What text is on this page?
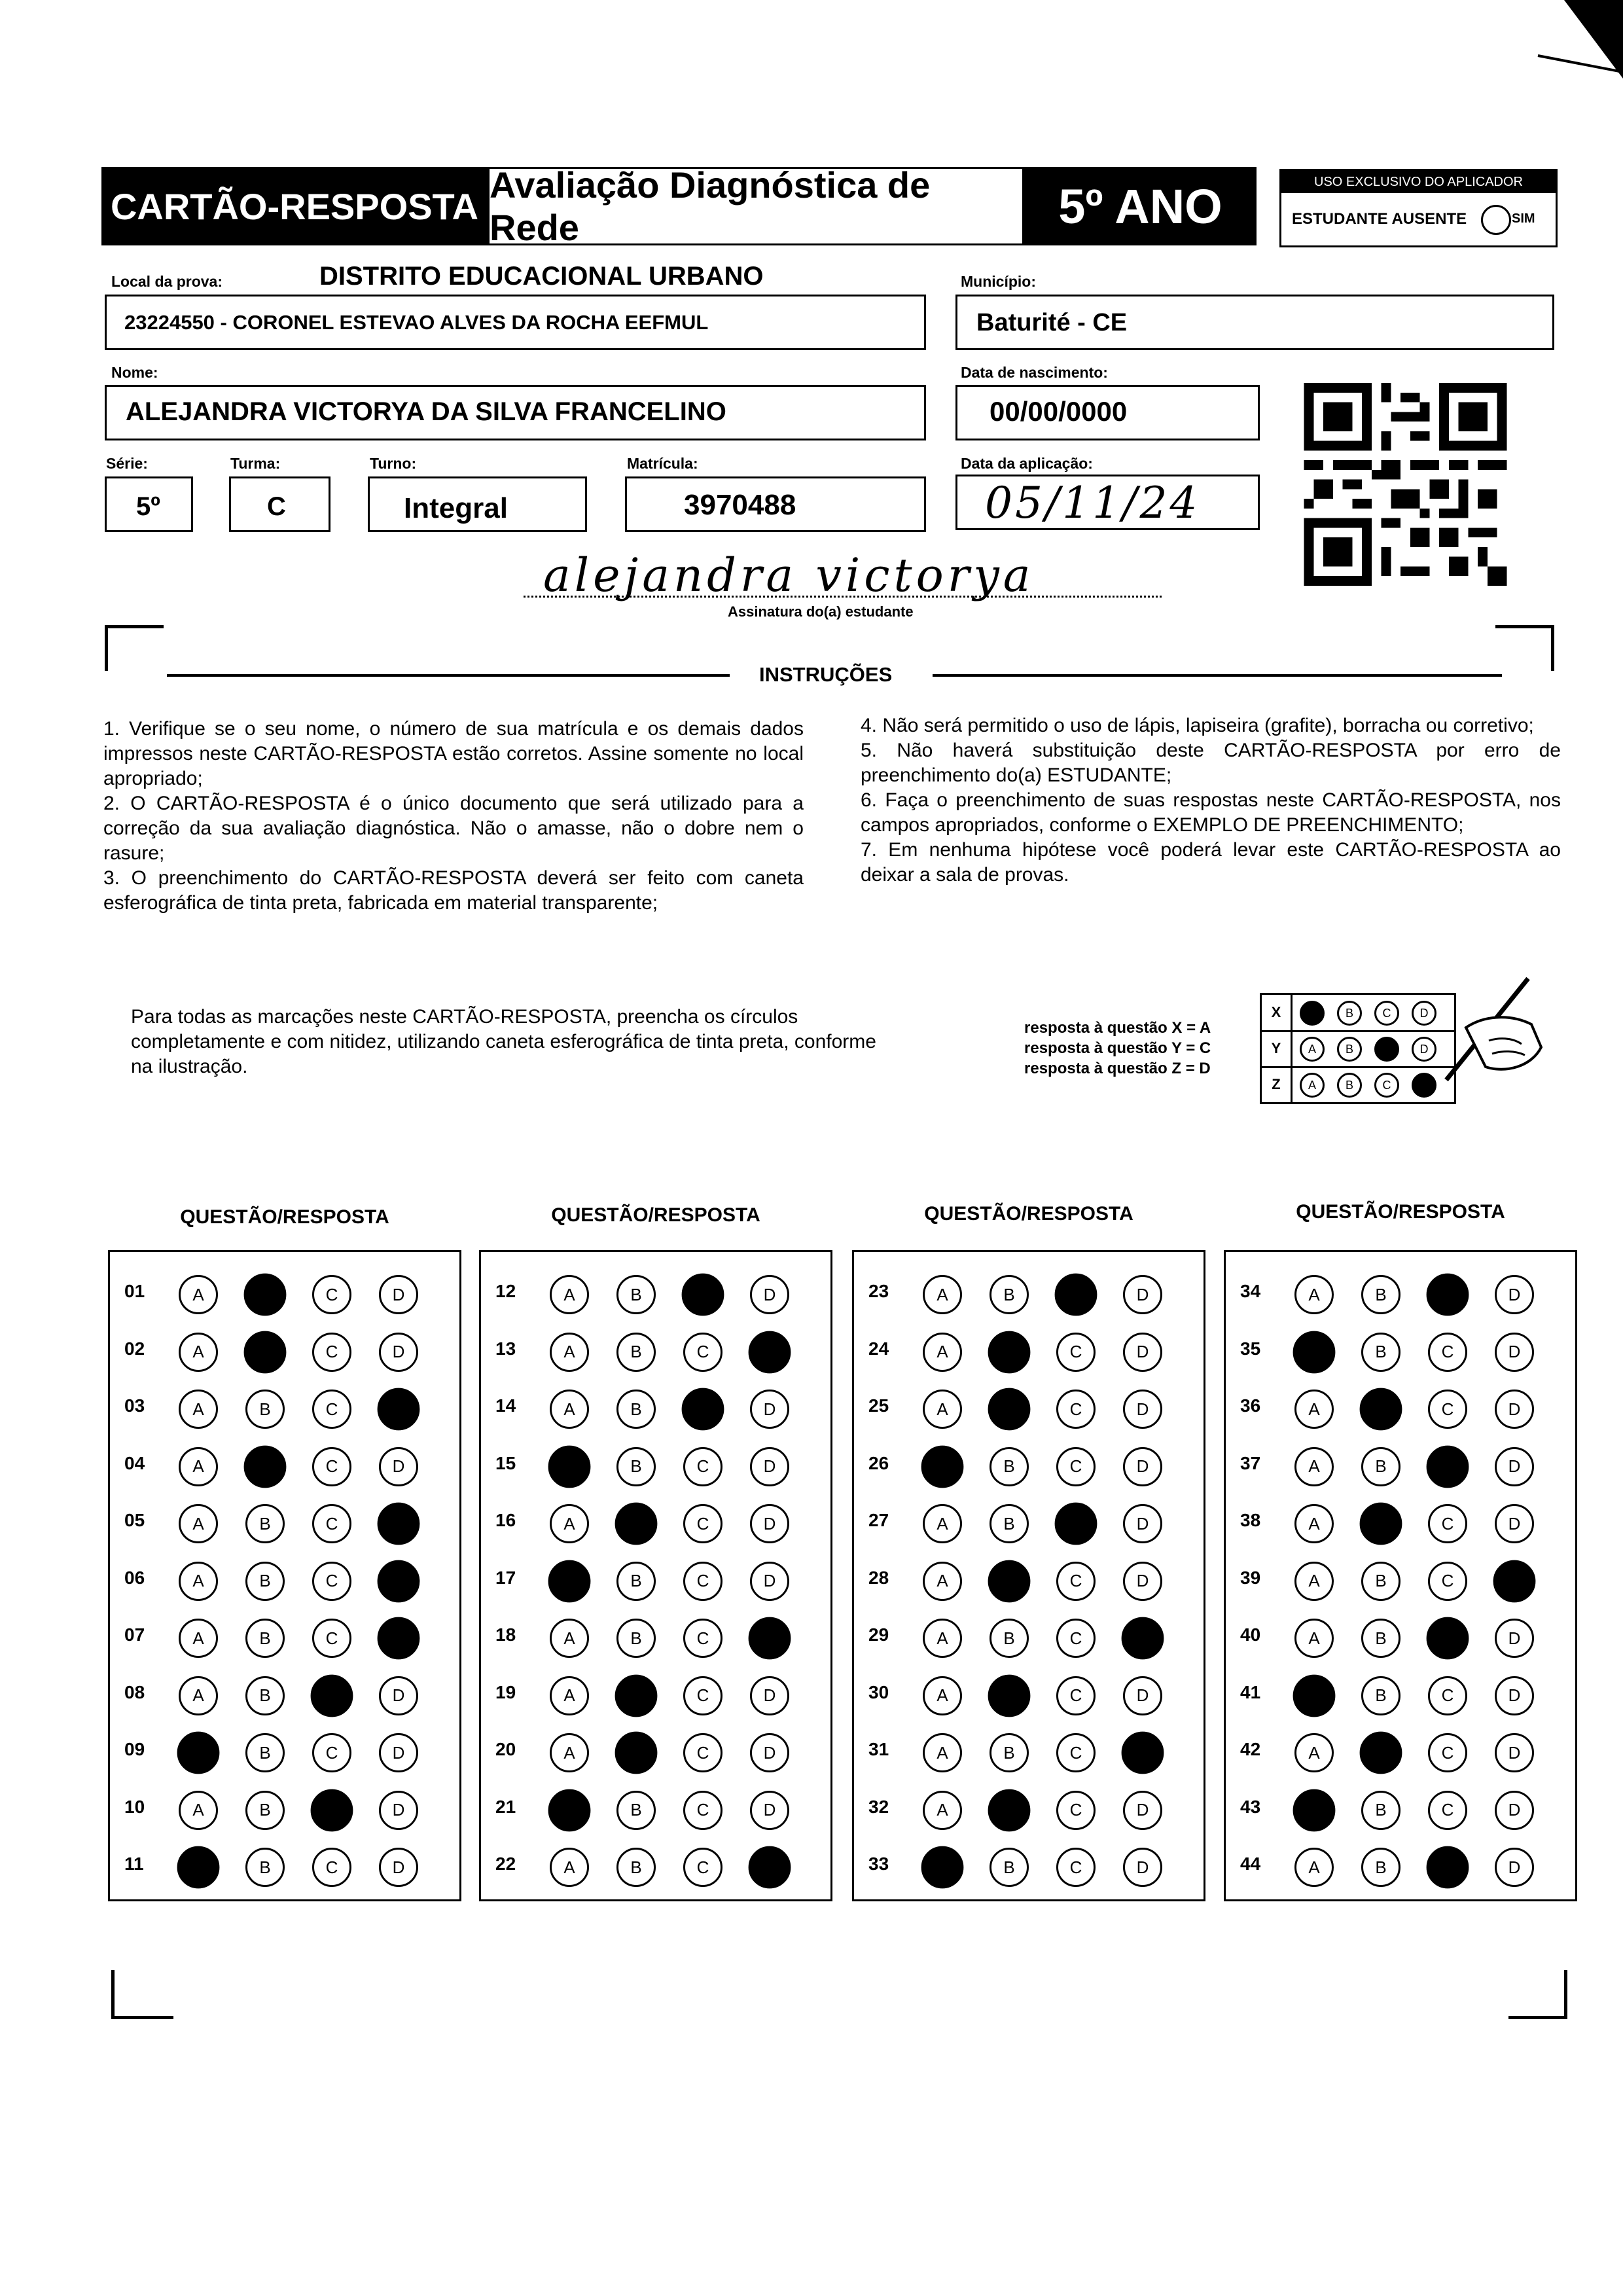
CARTÃO-RESPOSTA
Avaliação Diagnóstica de Rede	5º ANO	USO EXCLUSIVO DO APLICADOR
ESTUDANTE AUSENTE	SIM
Local da prova:	DISTRITO EDUCACIONAL URBANO
23224550 - CORONEL ESTEVAO ALVES DA ROCHA EEFMUL
Município:
Baturité - CE
Nome:
ALEJANDRA VICTORYA DA SILVA FRANCELINO
Data de nascimento:
00/00/0000
Série:
5º
Turma:
C
Turno:
Integral
Matrícula:
3970488
Data da aplicação:
05/11/24
alejandra victorya
Assinatura do(a) estudante
INSTRUÇÕES

1. Verifique se o seu nome, o número de sua matrícula e os demais dados impressos neste CARTÃO-RESPOSTA estão corretos. Assine somente no local apropriado;

2. O CARTÃO-RESPOSTA é o único documento que será utilizado para a correção da sua avaliação diagnóstica. Não o amasse, não o dobre nem o rasure;

3. O preenchimento do CARTÃO-RESPOSTA deverá ser feito com caneta esferográfica de tinta preta, fabricada em material transparente;

4. Não será permitido o uso de lápis, lapiseira (grafite), borracha ou corretivo;

5. Não haverá substituição deste CARTÃO-RESPOSTA por erro de preenchimento do(a) ESTUDANTE;

6. Faça o preenchimento de suas respostas neste CARTÃO-RESPOSTA, nos campos apropriados, conforme o EXEMPLO DE PREENCHIMENTO;

7. Em nenhuma hipótese você poderá levar este CARTÃO-RESPOSTA ao deixar a sala de provas.

Para todas as marcações neste CARTÃO-RESPOSTA, preencha os círculos completamente e com nitidez, utilizando caneta esferográfica de tinta preta, conforme na ilustração.
resposta à questão X = A
resposta à questão Y = C
resposta à questão Z = D
X	A	B	C	D
Y	A	B	C	D
Z	A	B	C	D
QUESTÃO/RESPOSTA
01	A	B	C	D
02	A	B	C	D
03	A	B	C	D
04	A	B	C	D
05	A	B	C	D
06	A	B	C	D
07	A	B	C	D
08	A	B	C	D
09	A	B	C	D
10	A	B	C	D
11	A	B	C	D
QUESTÃO/RESPOSTA
12	A	B	C	D
13	A	B	C	D
14	A	B	C	D
15	A	B	C	D
16	A	B	C	D
17	A	B	C	D
18	A	B	C	D
19	A	B	C	D
20	A	B	C	D
21	A	B	C	D
22	A	B	C	D
QUESTÃO/RESPOSTA
23	A	B	C	D
24	A	B	C	D
25	A	B	C	D
26	A	B	C	D
27	A	B	C	D
28	A	B	C	D
29	A	B	C	D
30	A	B	C	D
31	A	B	C	D
32	A	B	C	D
33	A	B	C	D
QUESTÃO/RESPOSTA
34	A	B	C	D
35	A	B	C	D
36	A	B	C	D
37	A	B	C	D
38	A	B	C	D
39	A	B	C	D
40	A	B	C	D
41	A	B	C	D
42	A	B	C	D
43	A	B	C	D
44	A	B	C	D
